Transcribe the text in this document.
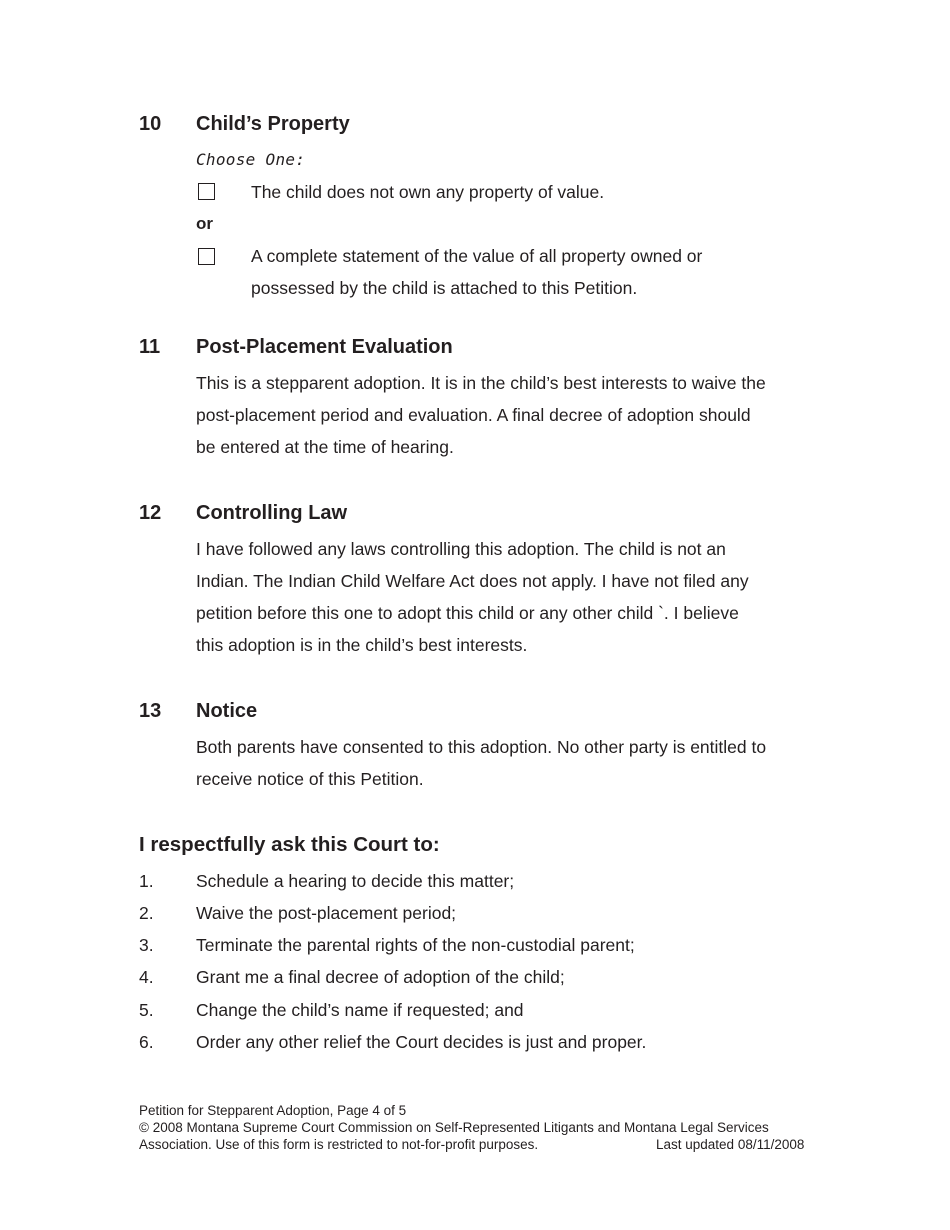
10 Child’s Property
Choose One:
The child does not own any property of value.
or
A complete statement of the value of all property owned or
possessed by the child is attached to this Petition.
11 Post-Placement Evaluation
This is a stepparent adoption. It is in the child’s best interests to waive the
post-placement period and evaluation. A final decree of adoption should
be entered at the time of hearing.
12 Controlling Law
I have followed any laws controlling this adoption. The child is not an
Indian. The Indian Child Welfare Act does not apply. I have not filed any
petition before this one to adopt this child or any other child `. I believe
this adoption is in the child’s best interests.
13 Notice
Both parents have consented to this adoption. No other party is entitled to
receive notice of this Petition.
I respectfully ask this Court to:
1. Schedule a hearing to decide this matter;
2. Waive the post-placement period;
3. Terminate the parental rights of the non-custodial parent;
4. Grant me a final decree of adoption of the child;
5. Change the child’s name if requested; and
6. Order any other relief the Court decides is just and proper.
Petition for Stepparent Adoption, Page 4 of 5
© 2008 Montana Supreme Court Commission on Self-Represented Litigants and Montana Legal Services
Association. Use of this form is restricted to not-for-profit purposes.	Last updated 08/11/2008
